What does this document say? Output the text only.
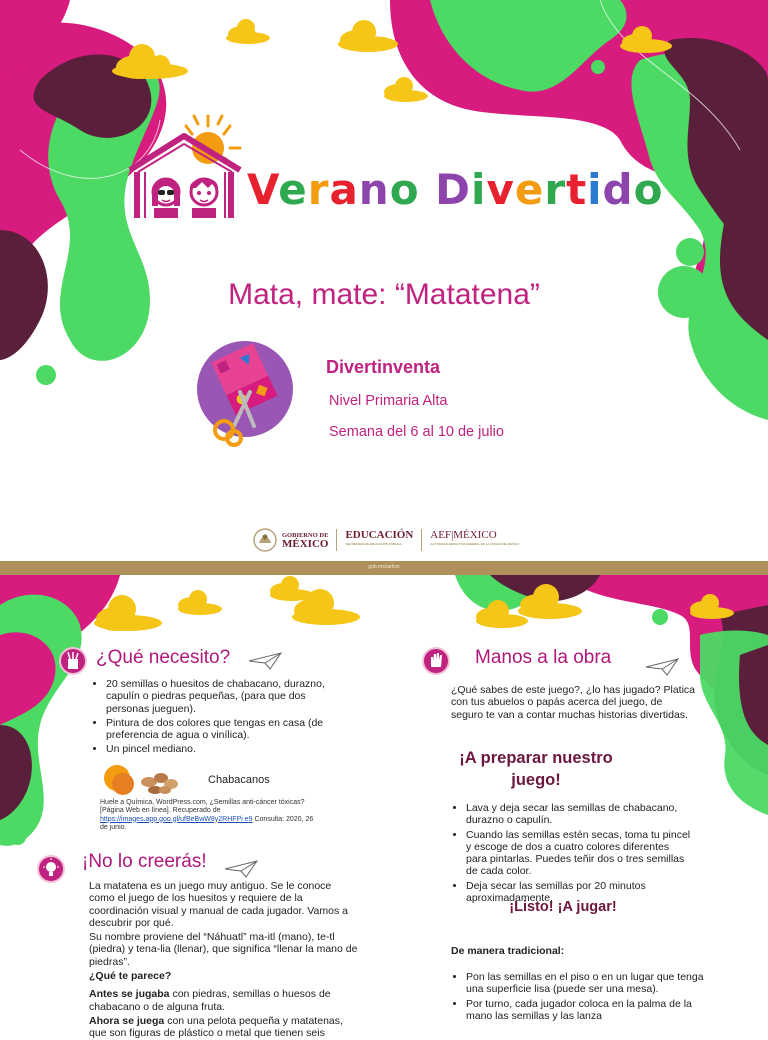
Verano Divertido
Mata, mate: “Matatena”
Divertinventa
Nivel Primaria Alta
Semana del 6 al 10 de julio
GOBIERNO DE
MÉXICO
EDUCACIÓN
SECRETARÍA DE EDUCACIÓN PÚBLICA
AEF|MÉXICO
AUTORIDAD EDUCATIVA FEDERAL EN LA CIUDAD DE MÉXICO
gob.mx/aefcm
¿Qué necesito?
• 20 semillas o huesitos de chabacano, durazno, capulín o piedras pequeñas, (para que dos personas jueguen).
• Pintura de dos colores que tengas en casa (de preferencia de agua o vinílica).
• Un pincel mediano.
Chabacanos
Huele a Química, WordPress.com, ¿Semillas anti-cáncer tóxicas? [Página Web en línea]. Recuperado de
https://images.app.goo.gl/ufBeBwW8y2RHFPi e9 Consulta: 2020, 26 de junio.
¡No lo creerás!
La matatena es un juego muy antiguo. Se le conoce como el juego de los huesitos y requiere de la coordinación visual y manual de cada jugador. Vamos a descubrir por qué.
Su nombre proviene del “Náhuatl” ma-itl (mano), te-tl (piedra) y tena-lia (llenar), que significa “llenar la mano de piedras”.
¿Qué te parece?
Antes se jugaba con piedras, semillas o huesos de chabacano o de alguna fruta.
Ahora se juega con una pelota pequeña y matatenas, que son figuras de plástico o metal que tienen seis
Manos a la obra
¿Qué sabes de este juego?, ¿lo has jugado? Platica con tus abuelos o papás acerca del juego, de seguro te van a contar muchas historias divertidas.
¡A preparar nuestro juego!
• Lava y deja secar las semillas de chabacano, durazno o capulín.
• Cuando las semillas estén secas, toma tu pincel y escoge de dos a cuatro colores diferentes para pintarlas. Puedes teñir dos o tres semillas de cada color.
• Deja secar las semillas por 20 minutos aproximadamente.
¡Listo! ¡A jugar!
De manera tradicional:
• Pon las semillas en el piso o en un lugar que tenga una superficie lisa (puede ser una mesa).
• Por turno, cada jugador coloca en la palma de la mano las semillas y las lanza
